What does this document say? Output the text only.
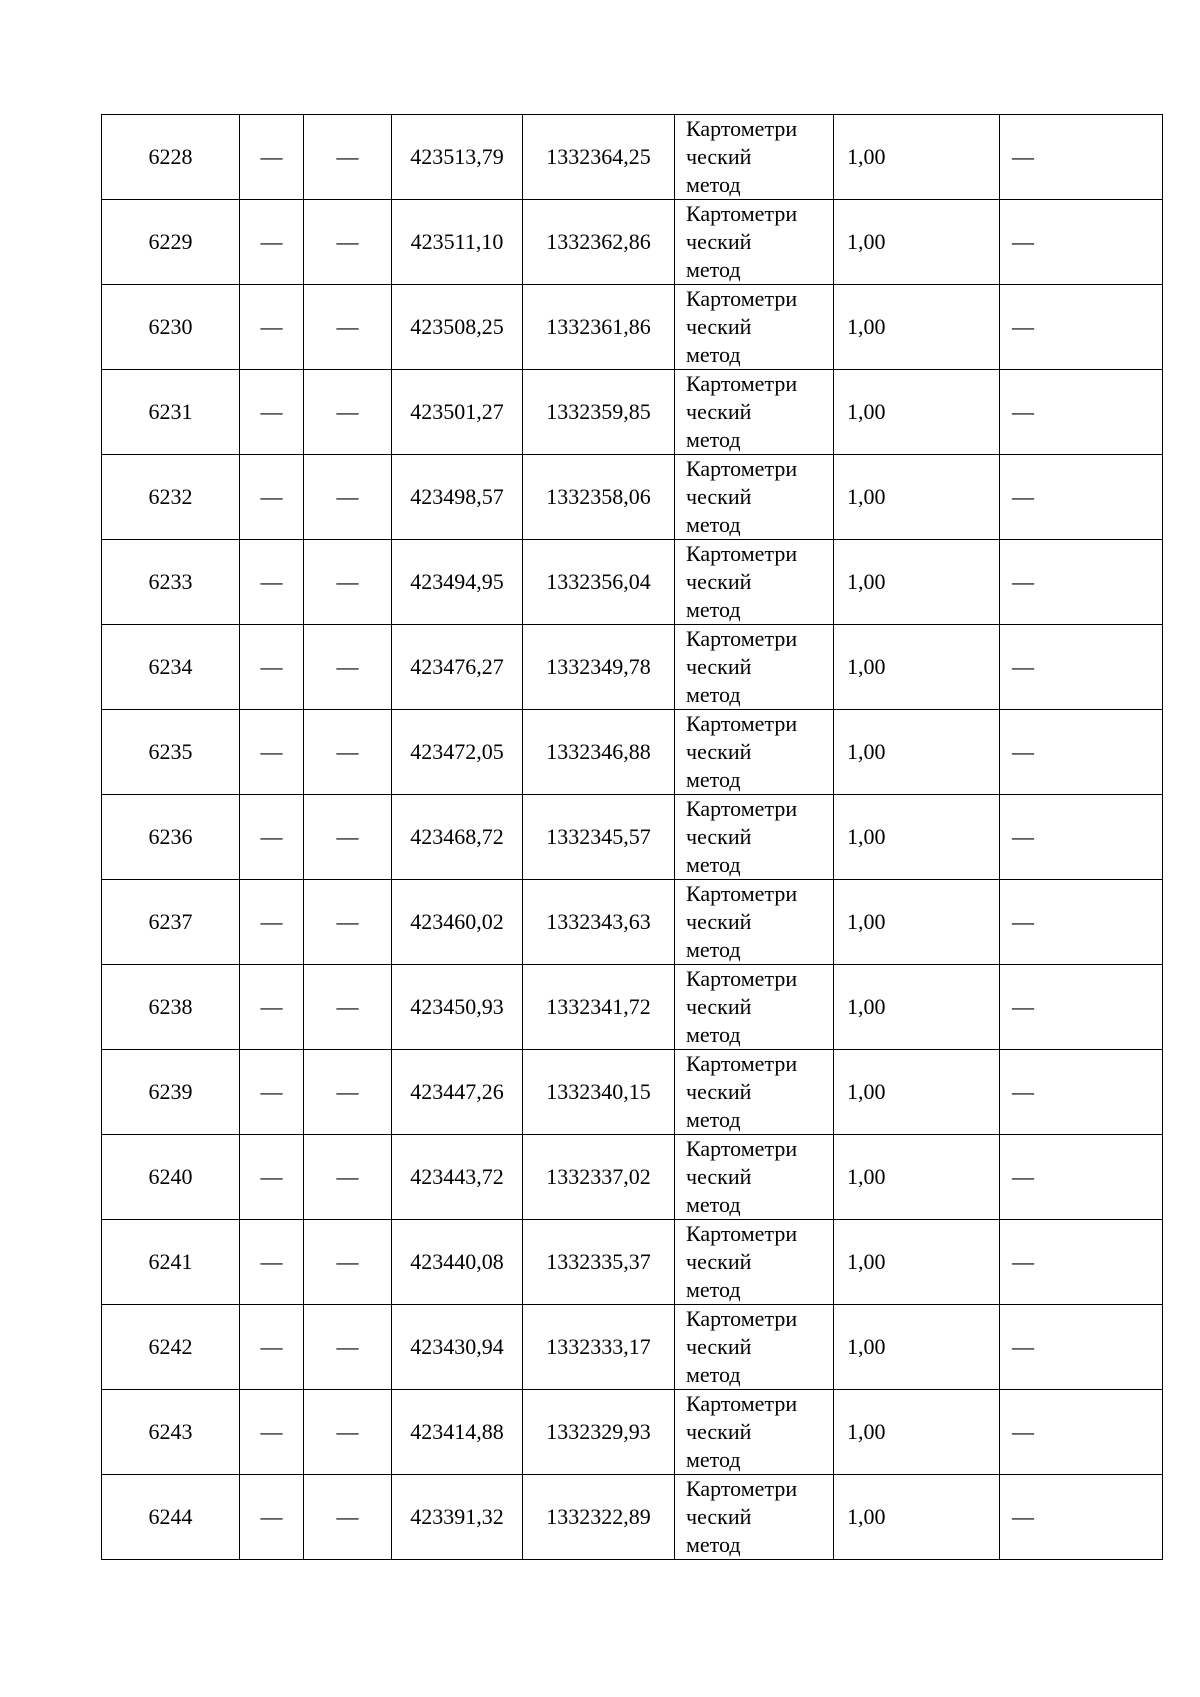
6228	—	—	423513,79	1332364,25	Картометри
ческий
метод	1,00	—
6229	—	—	423511,10	1332362,86	Картометри
ческий
метод	1,00	—
6230	—	—	423508,25	1332361,86	Картометри
ческий
метод	1,00	—
6231	—	—	423501,27	1332359,85	Картометри
ческий
метод	1,00	—
6232	—	—	423498,57	1332358,06	Картометри
ческий
метод	1,00	—
6233	—	—	423494,95	1332356,04	Картометри
ческий
метод	1,00	—
6234	—	—	423476,27	1332349,78	Картометри
ческий
метод	1,00	—
6235	—	—	423472,05	1332346,88	Картометри
ческий
метод	1,00	—
6236	—	—	423468,72	1332345,57	Картометри
ческий
метод	1,00	—
6237	—	—	423460,02	1332343,63	Картометри
ческий
метод	1,00	—
6238	—	—	423450,93	1332341,72	Картометри
ческий
метод	1,00	—
6239	—	—	423447,26	1332340,15	Картометри
ческий
метод	1,00	—
6240	—	—	423443,72	1332337,02	Картометри
ческий
метод	1,00	—
6241	—	—	423440,08	1332335,37	Картометри
ческий
метод	1,00	—
6242	—	—	423430,94	1332333,17	Картометри
ческий
метод	1,00	—
6243	—	—	423414,88	1332329,93	Картометри
ческий
метод	1,00	—
6244	—	—	423391,32	1332322,89	Картометри
ческий
метод	1,00	—
